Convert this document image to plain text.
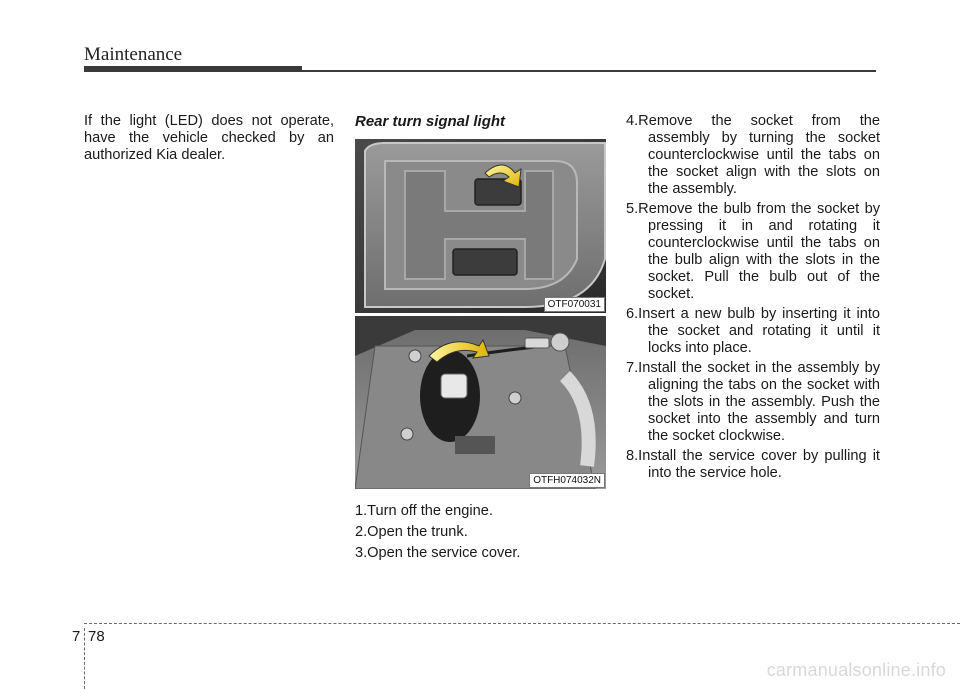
Maintenance

If the light (LED) does not operate, have the vehicle checked by an authorized Kia dealer.

Rear turn signal light

1.Turn off the engine.

2.Open the trunk.

3.Open the service cover.

OTF070031
OTFH074032N

4.Remove the socket from the assembly by turning the socket counterclockwise until the tabs on the socket align with the slots on the assembly.

5.Remove the bulb from the socket by pressing it in and rotating it counterclockwise until the tabs on the bulb align with the slots in the socket. Pull the bulb out of the socket.

6.Insert a new bulb by inserting it into the socket and rotating it until it locks into place.

7.Install the socket in the assembly by aligning the tabs on the socket with the slots in the assembly. Push the socket into the assembly and turn the socket clockwise.

8.Install the service cover by pulling it into the service hole.

7 78
carmanualsonline.info
